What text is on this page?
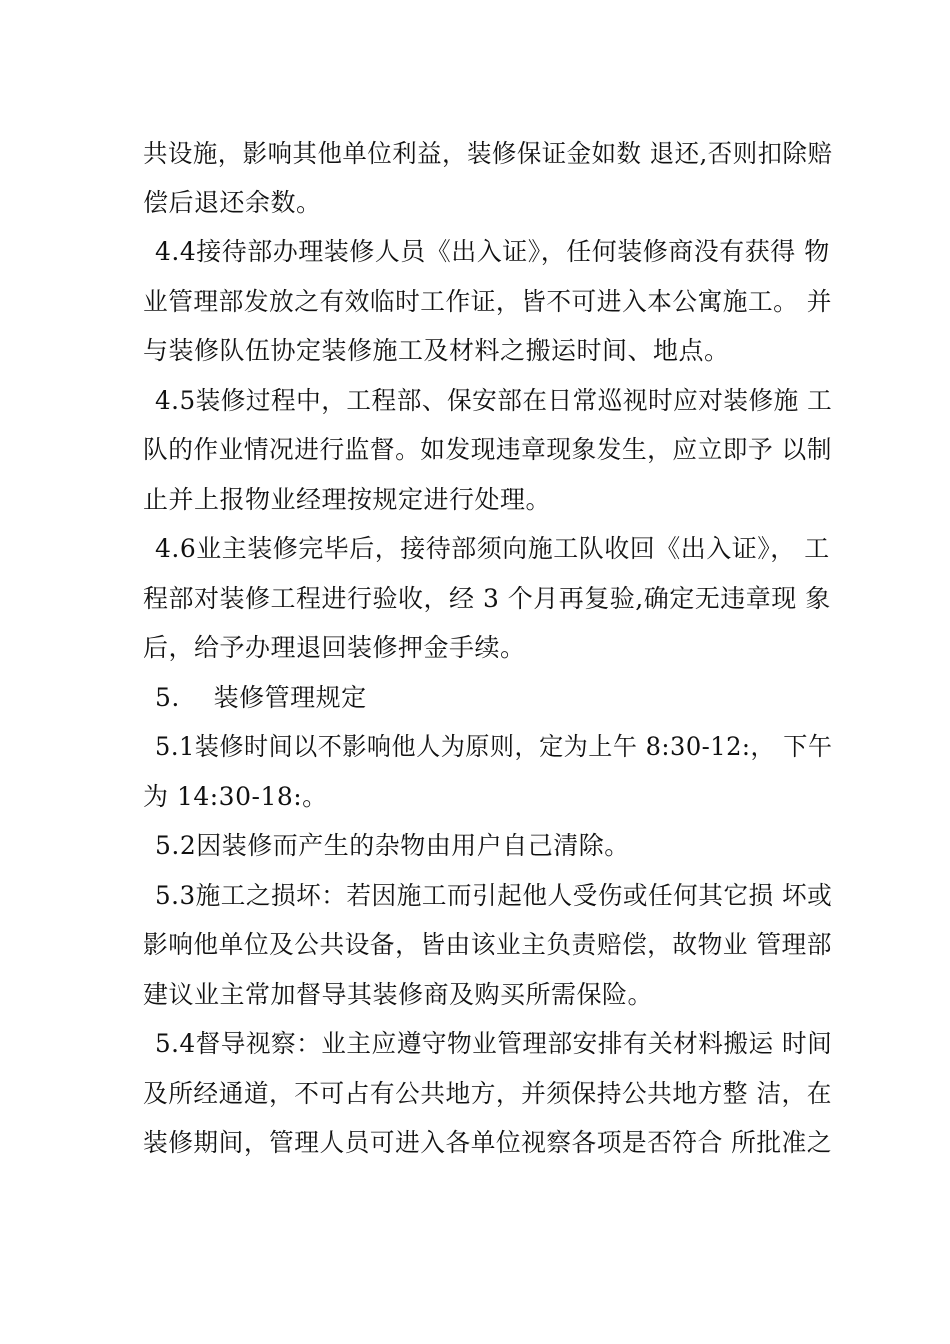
共设施，影响其他单位利益，装修保证金如数 退还,否则扣除赔
偿后退还余数。
4.4接待部办理装修人员《出入证》，任何装修商没有获得 物
业管理部发放之有效临时工作证，皆不可进入本公寓施工。 并
与装修队伍协定装修施工及材料之搬运时间、地点。
4.5装修过程中，工程部、保安部在日常巡视时应对装修施 工
队的作业情况进行监督。如发现违章现象发生，应立即予 以制
止并上报物业经理按规定进行处理。
4.6业主装修完毕后，接待部须向施工队收回《出入证》， 工
程部对装修工程进行验收，经 3 个月再复验,确定无违章现 象
后，给予办理退回装修押金手续。
5.    装修管理规定
5.1装修时间以不影响他人为原则，定为上午 8:30-12:， 下午
为 14:30-18:。
5.2因装修而产生的杂物由用户自己清除。
5.3施工之损坏：若因施工而引起他人受伤或任何其它损 坏或
影响他单位及公共设备，皆由该业主负责赔偿，故物业 管理部
建议业主常加督导其装修商及购买所需保险。
5.4督导视察：业主应遵守物业管理部安排有关材料搬运 时间
及所经通道，不可占有公共地方，并须保持公共地方整 洁，在
装修期间，管理人员可进入各单位视察各项是否符合 所批准之
